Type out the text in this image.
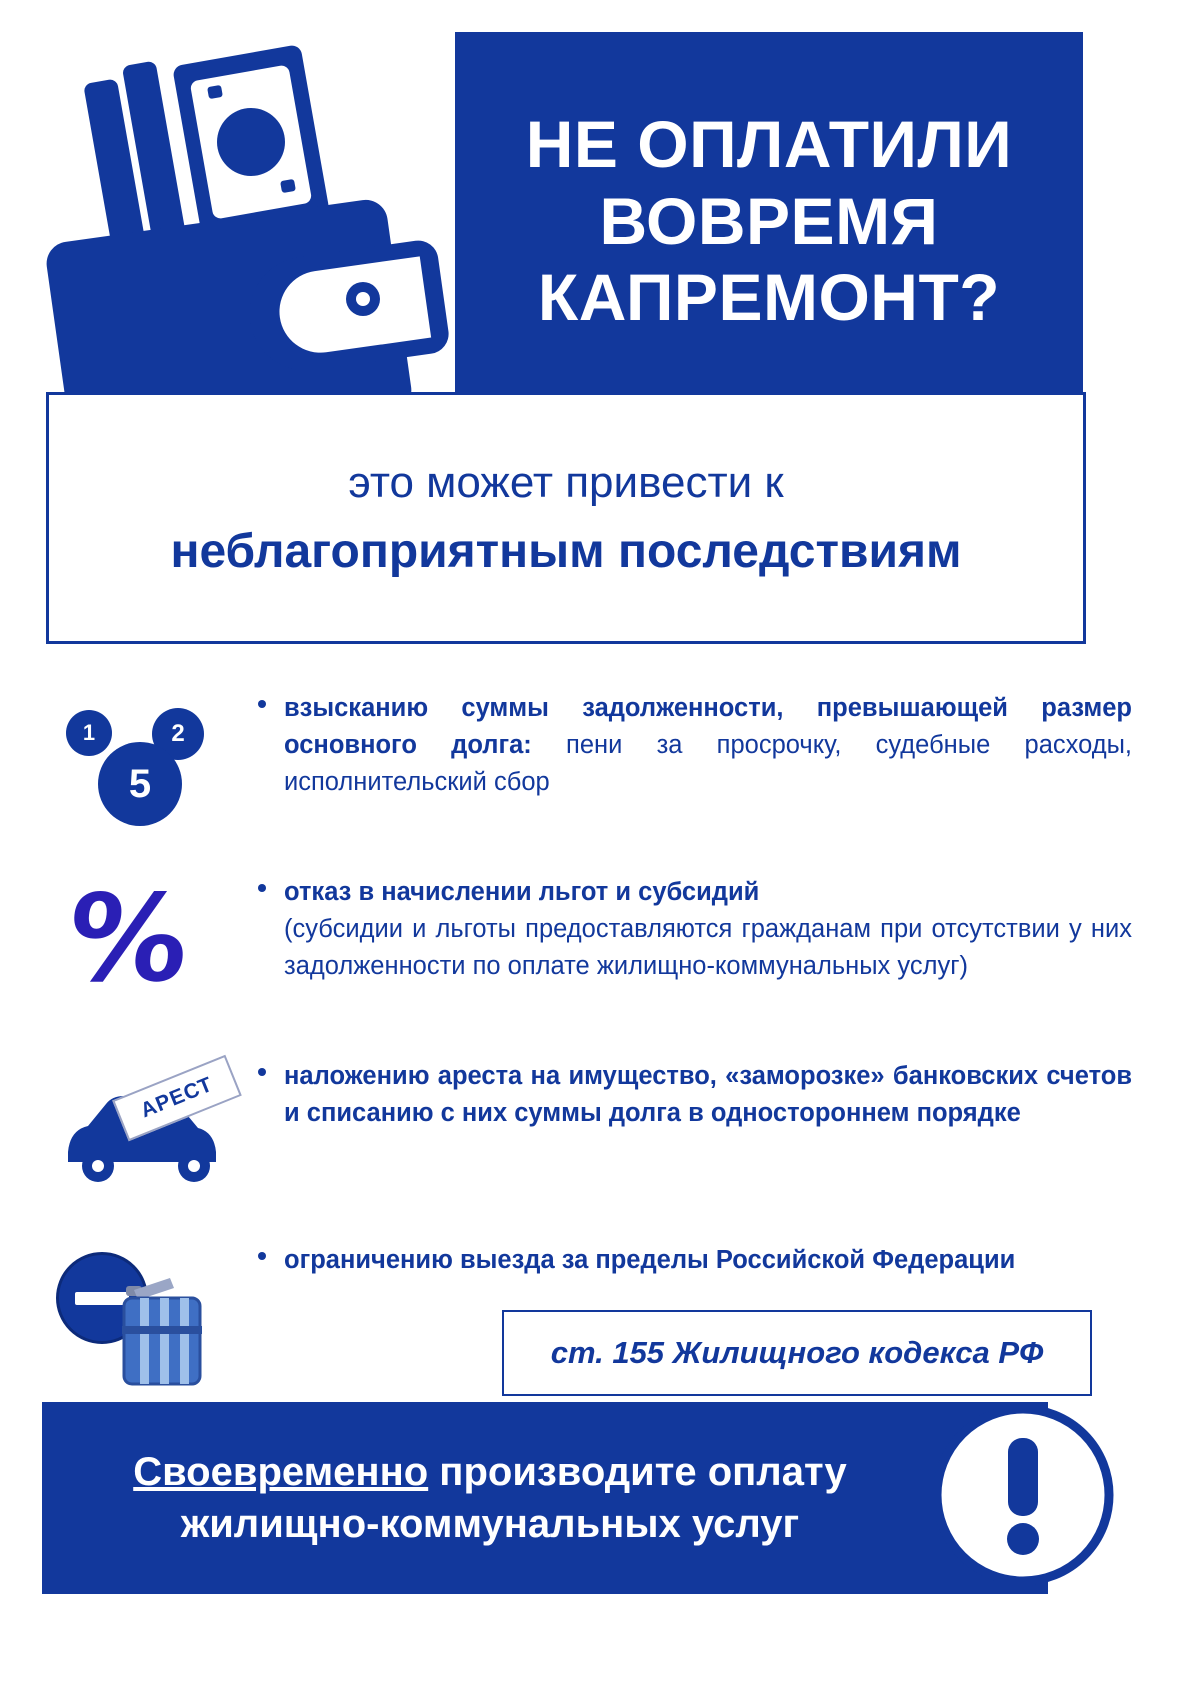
НЕ ОПЛАТИЛИ
ВОВРЕМЯ
КАПРЕМОНТ?
это может привести к
неблагоприятным последствиям
1	2
5
взысканию суммы задолженности, превышающей размер основного долга: пени за просрочку, судебные расходы, исполнительский сбор
%	отказ в начислении льгот и субсидий
(субсидии и льготы предоставляются гражданам при отсутствии у них задолженности по оплате жилищно-коммунальных услуг)
АРЕСТ	наложению ареста на имущество, «заморозке» банковских счетов и списанию с них суммы долга в одностороннем порядке
ограничению выезда за пределы Российской Федерации
ст. 155 Жилищного кодекса РФ
Своевременно производите оплату
жилищно-коммунальных услуг
